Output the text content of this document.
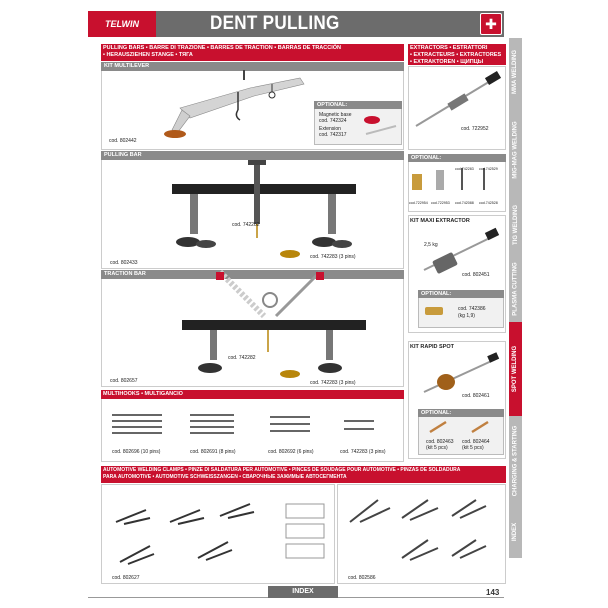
TELWIN	DENT PULLING	✚
MMA WELDING
MIG-MAG WELDING
TIG WELDING
PLASMA CUTTING
SPOT WELDING
CHARGING & STARTING
INDEX
PULLING BARS • BARRE DI TRAZIONE • BARRES DE TRACTION • BARRAS DE TRACCIÓN
• HERAUSZIEHEN STANGE • ТЯГА
KIT MULTILEVER
cod. 802442
OPTIONAL:
Magnetic base
cod. 742324
Extension
cod. 742317
PULLING BAR
cod. 742282
cod. 742283 (3 pins)
cod. 802433
TRACTION BAR
cod. 742282
cod. 742283 (3 pins)
cod. 802657
MULTIHOOKS • MULTIGANCIO
cod. 802696 (10 pins)	cod. 802691 (8 pins)	cod. 802692 (6 pins)	cod. 742283 (3 pins)
EXTRACTORS • ESTRATTORI
• EXTRACTEURS • EXTRACTORES
• EXTRAKTOREN • ЩИПЦЫ
cod. 722952
OPTIONAL:
cod.722954 cod.722953
cod.742283
cod.742088
cod.742529
cod.742528
KIT MAXI EXTRACTOR
2,5 kg
cod. 802451
OPTIONAL:
cod. 742386
(kg 1,9)
KIT RAPID SPOT
cod. 802461
OPTIONAL:
cod. 802463
(kit 5 pcs)
cod. 802464
(kit 5 pcs)
AUTOMOTIVE WELDING CLAMPS • PINZE DI SALDATURA PER AUTOMOTIVE • PINCES DE SOUDAGE POUR AUTOMOTIVE • PINZAS DE SOLDADURA
PARA AUTOMOTIVE • AUTOMOTIVE SCHWEISSZANGEN • СВАРОЧНЫЕ ЗАЖИМЫЕ АВТОСЕГМЕНТА
cod. 802627	cod. 802586
INDEX	143
